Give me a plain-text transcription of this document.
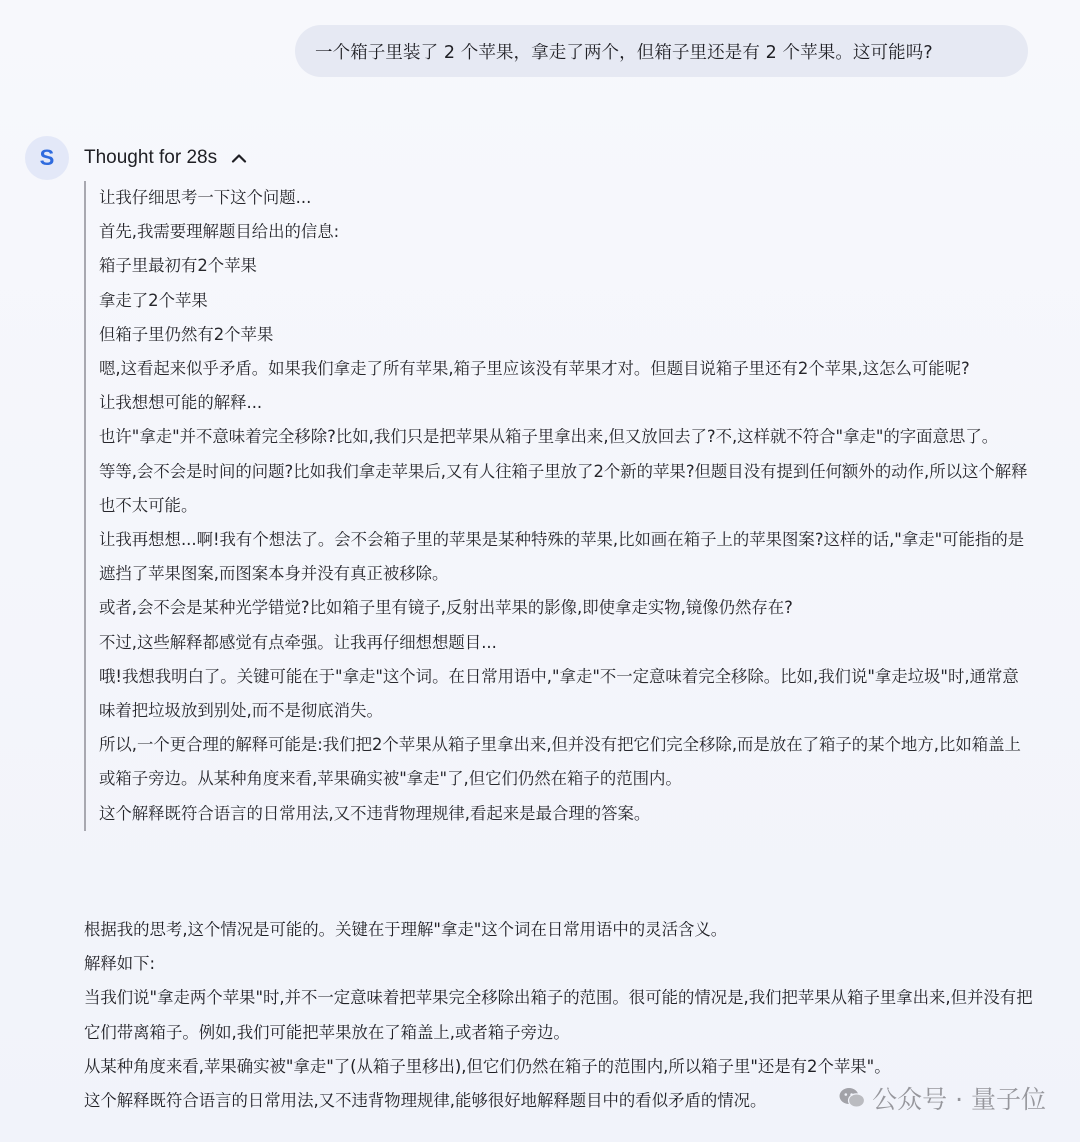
一个箱子里装了 2 个苹果，拿走了两个，但箱子里还是有 2 个苹果。这可能吗?
S Thought for 28s

让我仔细思考一下这个问题...

首先,我需要理解题目给出的信息:

箱子里最初有2个苹果

拿走了2个苹果

但箱子里仍然有2个苹果

嗯,这看起来似乎矛盾。如果我们拿走了所有苹果,箱子里应该没有苹果才对。但题目说箱子里还有2个苹果,这怎么可能呢?

让我想想可能的解释...

也许"拿走"并不意味着完全移除?比如,我们只是把苹果从箱子里拿出来,但又放回去了?不,这样就不符合"拿走"的字面意思了。

等等,会不会是时间的问题?比如我们拿走苹果后,又有人往箱子里放了2个新的苹果?但题目没有提到任何额外的动作,所以这个解释也不太可能。

让我再想想...啊!我有个想法了。会不会箱子里的苹果是某种特殊的苹果,比如画在箱子上的苹果图案?这样的话,"拿走"可能指的是遮挡了苹果图案,而图案本身并没有真正被移除。

或者,会不会是某种光学错觉?比如箱子里有镜子,反射出苹果的影像,即使拿走实物,镜像仍然存在?

不过,这些解释都感觉有点牵强。让我再仔细想想题目...

哦!我想我明白了。关键可能在于"拿走"这个词。在日常用语中,"拿走"不一定意味着完全移除。比如,我们说"拿走垃圾"时,通常意味着把垃圾放到别处,而不是彻底消失。

所以,一个更合理的解释可能是:我们把2个苹果从箱子里拿出来,但并没有把它们完全移除,而是放在了箱子的某个地方,比如箱盖上或箱子旁边。从某种角度来看,苹果确实被"拿走"了,但它们仍然在箱子的范围内。

这个解释既符合语言的日常用法,又不违背物理规律,看起来是最合理的答案。

根据我的思考,这个情况是可能的。关键在于理解"拿走"这个词在日常用语中的灵活含义。

解释如下:

当我们说"拿走两个苹果"时,并不一定意味着把苹果完全移除出箱子的范围。很可能的情况是,我们把苹果从箱子里拿出来,但并没有把它们带离箱子。例如,我们可能把苹果放在了箱盖上,或者箱子旁边。

从某种角度来看,苹果确实被"拿走"了(从箱子里移出),但它们仍然在箱子的范围内,所以箱子里"还是有2个苹果"。

这个解释既符合语言的日常用法,又不违背物理规律,能够很好地解释题目中的看似矛盾的情况。	公众号 · 量子位
